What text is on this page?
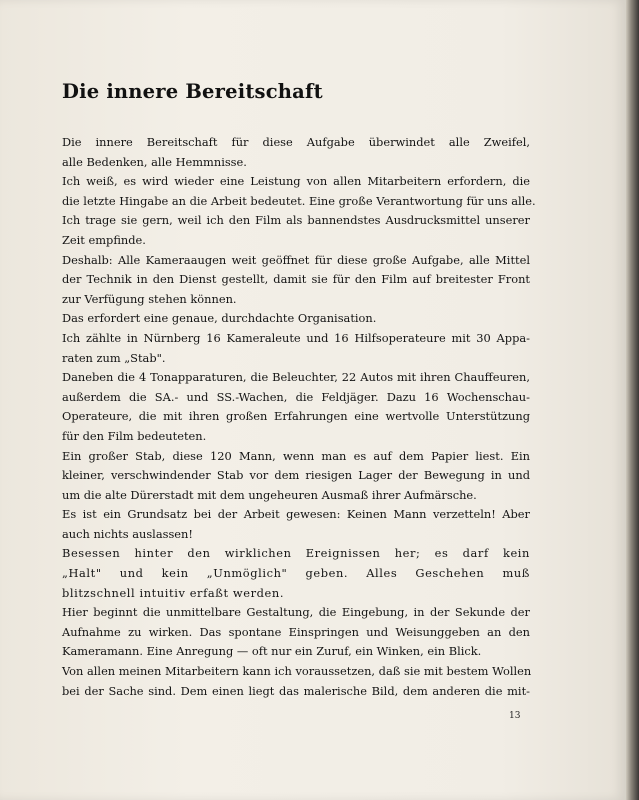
Die innere Bereitschaft
Die innere Bereitschaft für diese Aufgabe überwindet alle Zweifel,
alle Bedenken, alle Hemmnisse.
Ich weiß, es wird wieder eine Leistung von allen Mitarbeitern erfordern, die
die letzte Hingabe an die Arbeit bedeutet. Eine große Verantwortung für uns alle.
Ich trage sie gern, weil ich den Film als bannendstes Ausdrucksmittel unserer
Zeit empfinde.
Deshalb: Alle Kameraaugen weit geöffnet für diese große Aufgabe, alle Mittel
der Technik in den Dienst gestellt, damit sie für den Film auf breitester Front
zur Verfügung stehen können.
Das erfordert eine genaue, durchdachte Organisation.
Ich zählte in Nürnberg 16 Kameraleute und 16 Hilfsoperateure mit 30 Appa-
raten zum „Stab".
Daneben die 4 Tonapparaturen, die Beleuchter, 22 Autos mit ihren Chauffeuren,
außerdem die SA.- und SS.-Wachen, die Feldjäger. Dazu 16 Wochenschau-
Operateure, die mit ihren großen Erfahrungen eine wertvolle Unterstützung
für den Film bedeuteten.
Ein großer Stab, diese 120 Mann, wenn man es auf dem Papier liest. Ein
kleiner, verschwindender Stab vor dem riesigen Lager der Bewegung in und
um die alte Dürerstadt mit dem ungeheuren Ausmaß ihrer Aufmärsche.
Es ist ein Grundsatz bei der Arbeit gewesen: Keinen Mann verzetteln! Aber
auch nichts auslassen!
Besessen hinter den wirklichen Ereignissen her; es darf kein
„Halt" und kein „Unmöglich" geben. Alles Geschehen muß
blitzschnell intuitiv erfaßt werden.
Hier beginnt die unmittelbare Gestaltung, die Eingebung, in der Sekunde der
Aufnahme zu wirken. Das spontane Einspringen und Weisunggeben an den
Kameramann. Eine Anregung — oft nur ein Zuruf, ein Winken, ein Blick.
Von allen meinen Mitarbeitern kann ich voraussetzen, daß sie mit bestem Wollen
bei der Sache sind. Dem einen liegt das malerische Bild, dem anderen die mit-
13
